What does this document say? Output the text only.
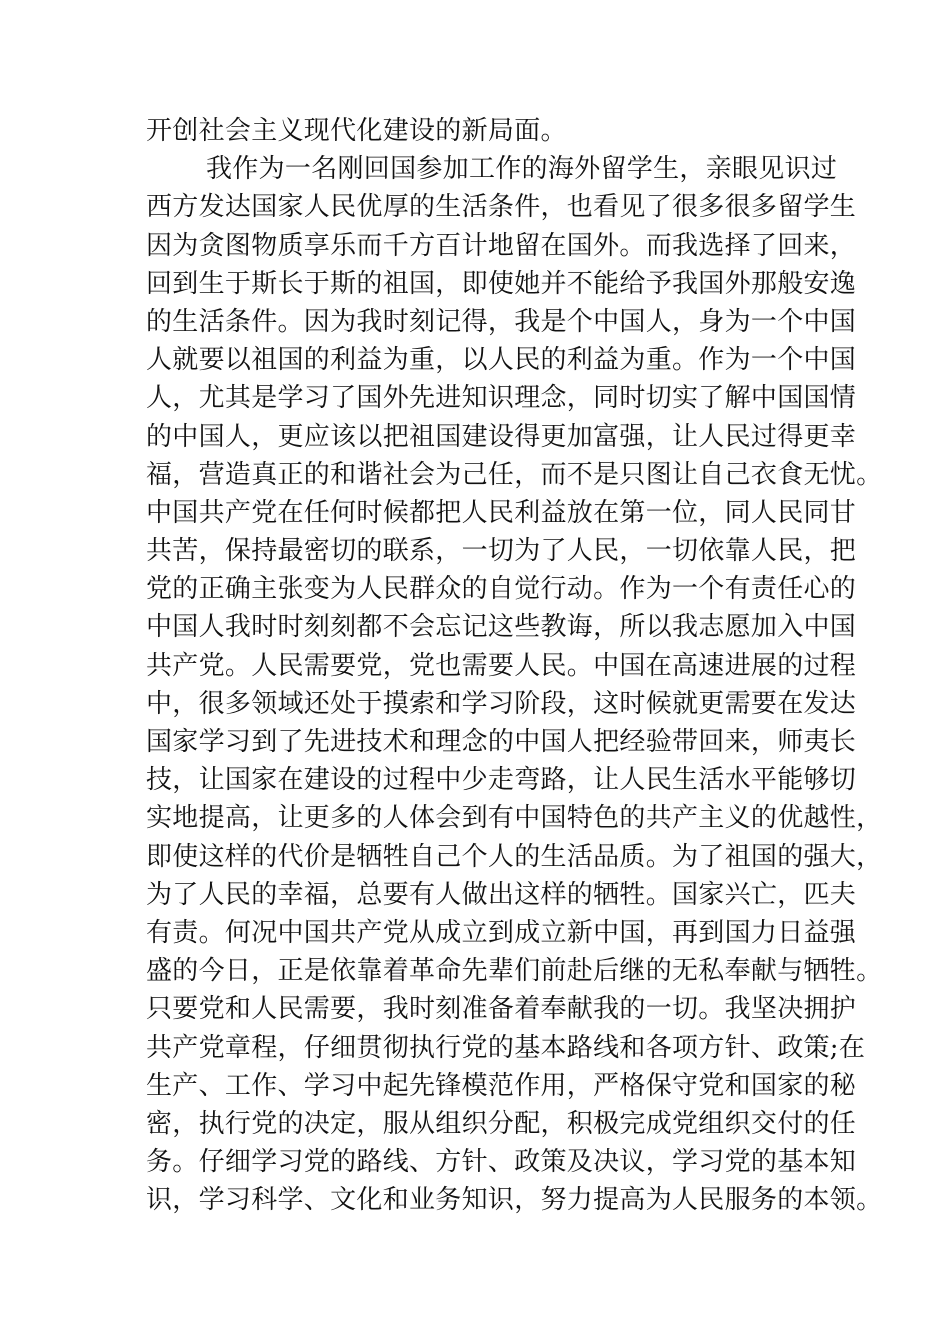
开创社会主义现代化建设的新局面。
我作为一名刚回国参加工作的海外留学生，亲眼见识过
西方发达国家人民优厚的生活条件，也看见了很多很多留学生
因为贪图物质享乐而千方百计地留在国外。而我选择了回来，
回到生于斯长于斯的祖国，即使她并不能给予我国外那般安逸
的生活条件。因为我时刻记得，我是个中国人，身为一个中国
人就要以祖国的利益为重，以人民的利益为重。作为一个中国
人，尤其是学习了国外先进知识理念，同时切实了解中国国情
的中国人，更应该以把祖国建设得更加富强，让人民过得更幸
福，营造真正的和谐社会为己任，而不是只图让自己衣食无忧。
中国共产党在任何时候都把人民利益放在第一位，同人民同甘
共苦，保持最密切的联系，一切为了人民，一切依靠人民，把
党的正确主张变为人民群众的自觉行动。作为一个有责任心的
中国人我时时刻刻都不会忘记这些教诲，所以我志愿加入中国
共产党。人民需要党，党也需要人民。中国在高速进展的过程
中，很多领域还处于摸索和学习阶段，这时候就更需要在发达
国家学习到了先进技术和理念的中国人把经验带回来，师夷长
技，让国家在建设的过程中少走弯路，让人民生活水平能够切
实地提高，让更多的人体会到有中国特色的共产主义的优越性，
即使这样的代价是牺牲自己个人的生活品质。为了祖国的强大，
为了人民的幸福，总要有人做出这样的牺牲。国家兴亡，匹夫
有责。何况中国共产党从成立到成立新中国，再到国力日益强
盛的今日，正是依靠着革命先辈们前赴后继的无私奉献与牺牲。
只要党和人民需要，我时刻准备着奉献我的一切。我坚决拥护
共产党章程，仔细贯彻执行党的基本路线和各项方针、政策;在
生产、工作、学习中起先锋模范作用，严格保守党和国家的秘
密，执行党的决定，服从组织分配，积极完成党组织交付的任
务。仔细学习党的路线、方针、政策及决议，学习党的基本知
识，学习科学、文化和业务知识，努力提高为人民服务的本领。
